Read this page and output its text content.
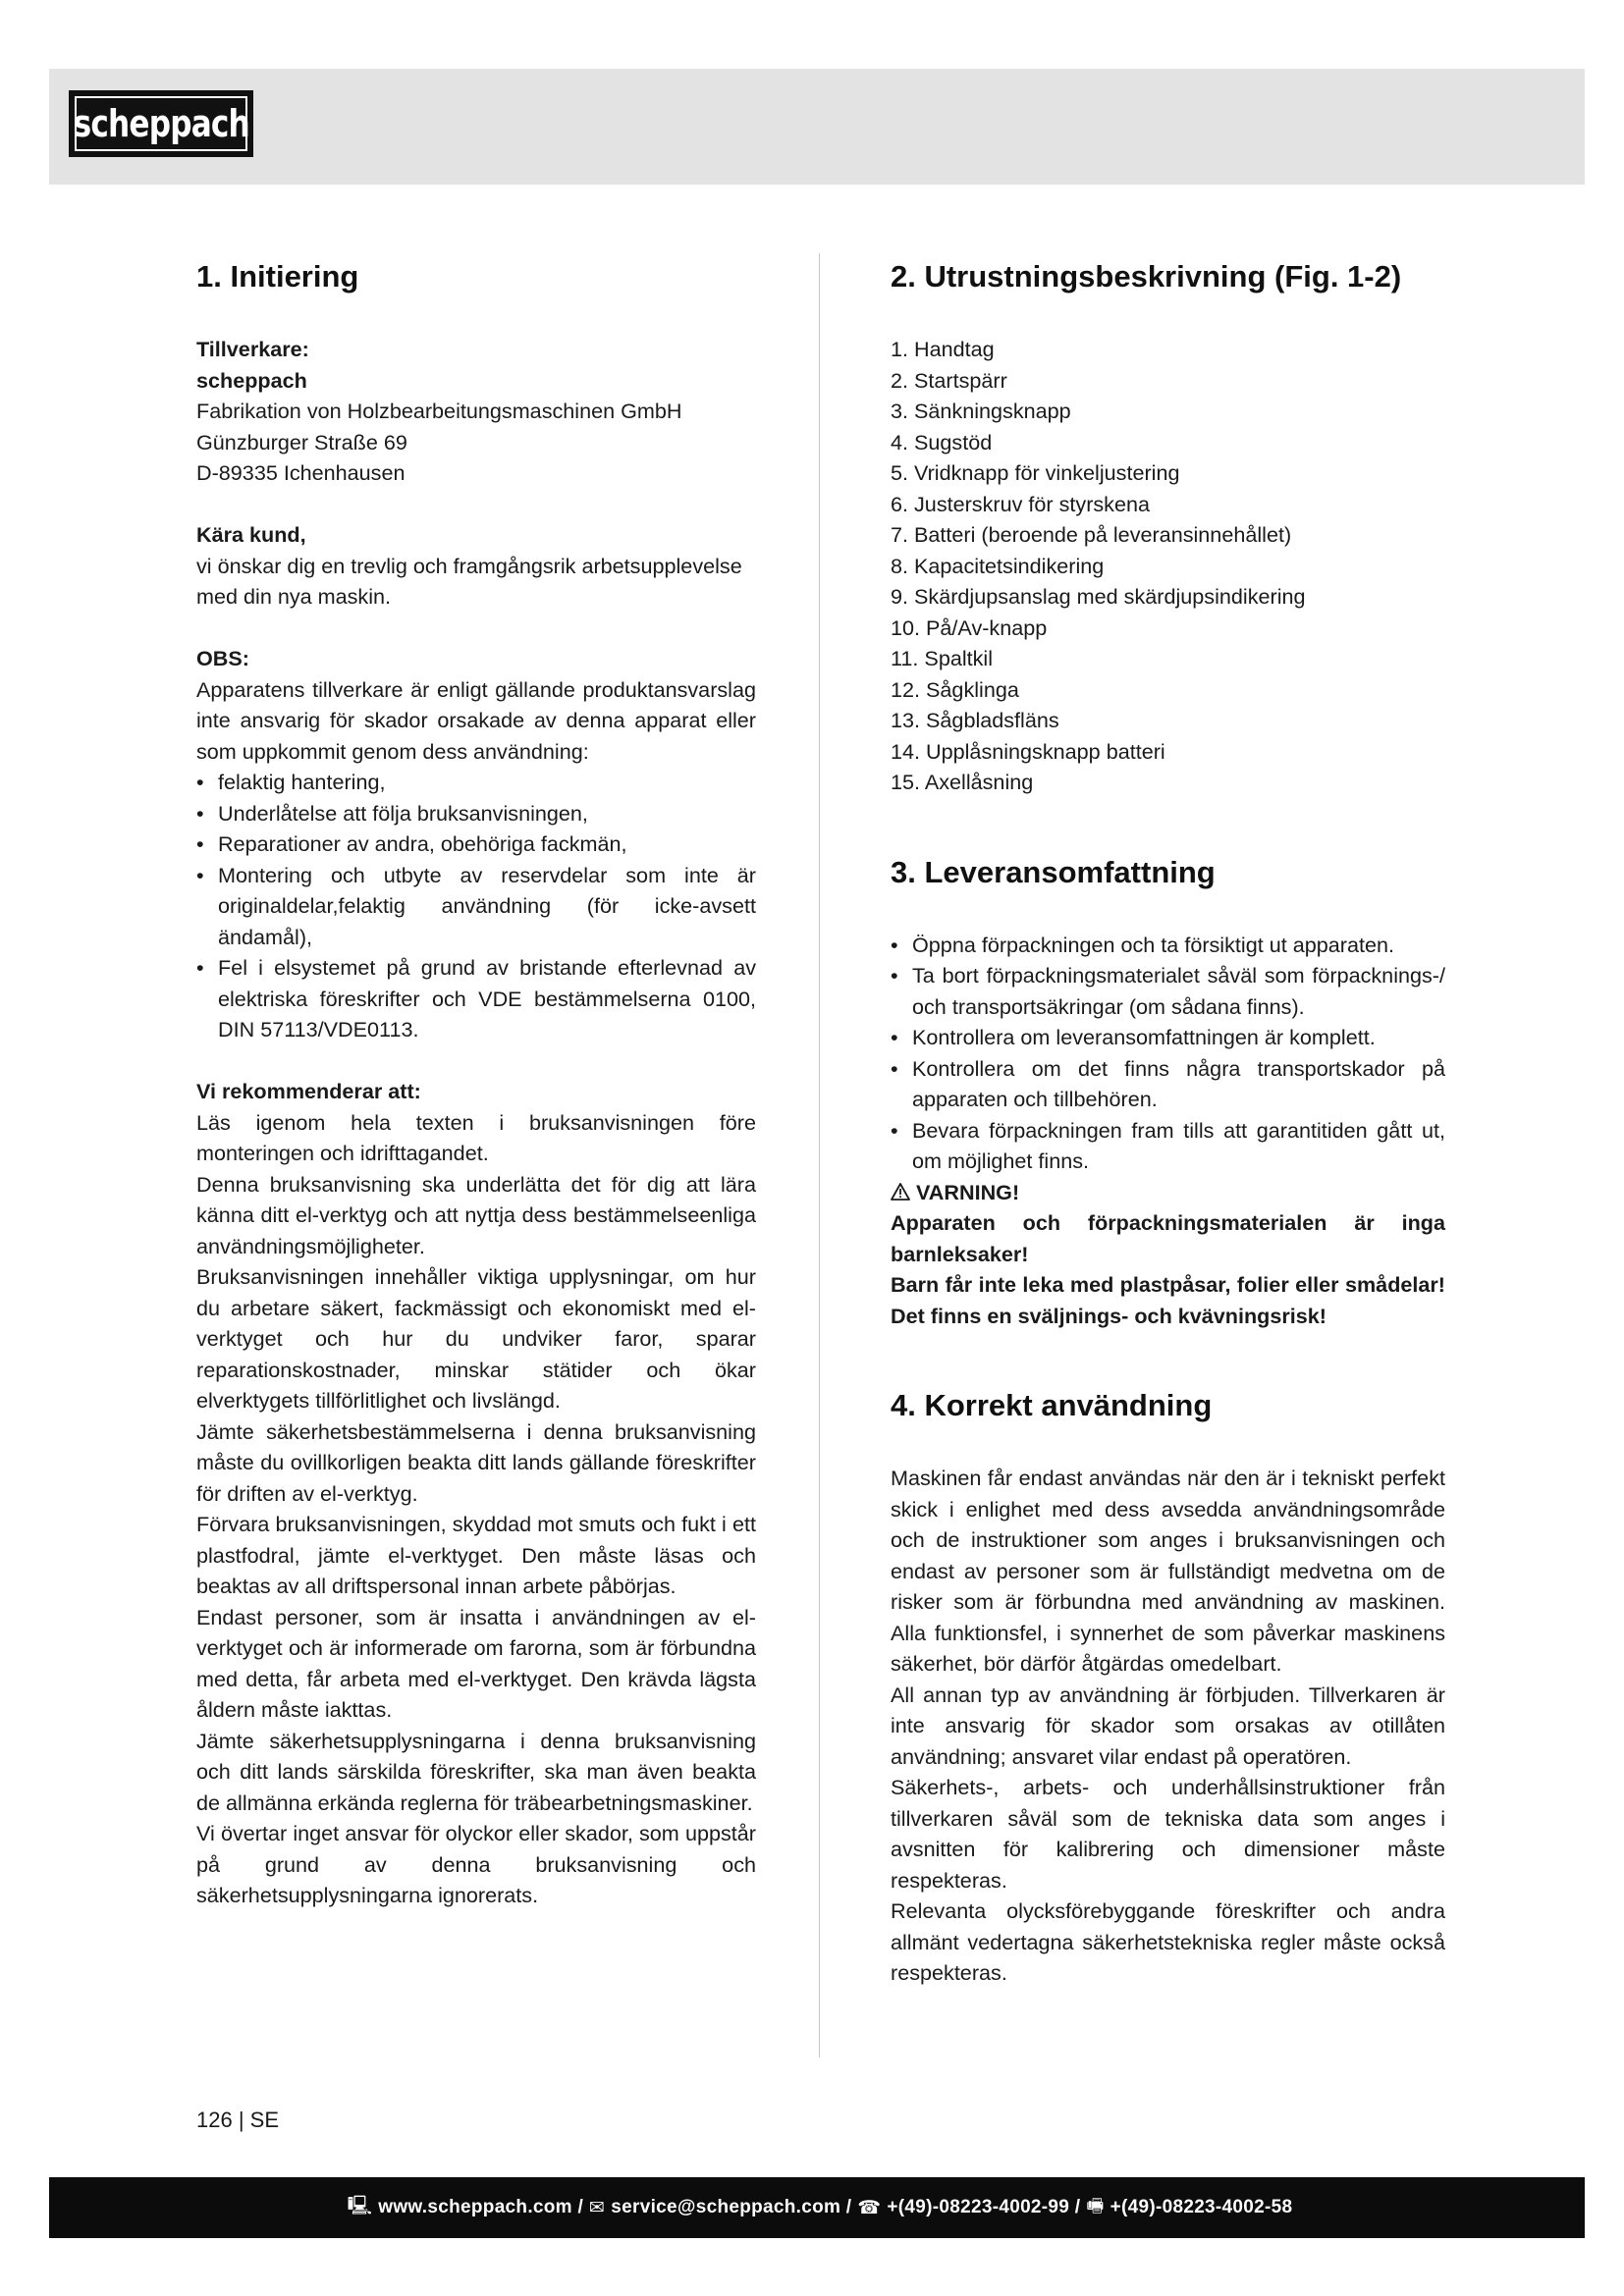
scheppach
1. Initiering

Tillverkare:

scheppach

Fabrikation von Holzbearbeitungsmaschinen GmbH

Günzburger Straße 69

D-89335 Ichenhausen

Kära kund,

vi önskar dig en trevlig och framgångsrik arbetsupplevelse med din nya maskin.

OBS:

Apparatens tillverkare är enligt gällande produktansvarslag inte ansvarig för skador orsakade av denna apparat eller som uppkommit genom dess användning:

• felaktig hantering,
• Underlåtelse att följa bruksanvisningen,
• Reparationer av andra, obehöriga fackmän,
• Montering och utbyte av reservdelar som inte är originaldelar,felaktig användning (för icke-avsett ändamål),
• Fel i elsystemet på grund av bristande efterlevnad av elektriska föreskrifter och VDE bestämmelserna 0100, DIN 57113/VDE0113.

Vi rekommenderar att:

Läs igenom hela texten i bruksanvisningen före monteringen och idrifttagandet.

Denna bruksanvisning ska underlätta det för dig att lära känna ditt el-verktyg och att nyttja dess bestämmelseenliga användningsmöjligheter.

Bruksanvisningen innehåller viktiga upplysningar, om hur du arbetare säkert, fackmässigt och ekonomiskt med el-verktyget och hur du undviker faror, sparar reparationskostnader, minskar stätider och ökar elverktygets tillförlitlighet och livslängd.

Jämte säkerhetsbestämmelserna i denna bruksanvisning måste du ovillkorligen beakta ditt lands gällande föreskrifter för driften av el-verktyg.

Förvara bruksanvisningen, skyddad mot smuts och fukt i ett plastfodral, jämte el-verktyget. Den måste läsas och beaktas av all driftspersonal innan arbete påbörjas.

Endast personer, som är insatta i användningen av el-verktyget och är informerade om farorna, som är förbundna med detta, får arbeta med el-verktyget. Den krävda lägsta åldern måste iakttas.

Jämte säkerhetsupplysningarna i denna bruksanvisning och ditt lands särskilda föreskrifter, ska man även beakta de allmänna erkända reglerna för träbearbetningsmaskiner.

Vi övertar inget ansvar för olyckor eller skador, som uppstår på grund av denna bruksanvisning och säkerhetsupplysningarna ignorerats.

2. Utrustningsbeskrivning (Fig. 1-2)
1. Handtag
2. Startspärr
3. Sänkningsknapp
4. Sugstöd
5. Vridknapp för vinkeljustering
6. Justerskruv för styrskena
7. Batteri (beroende på leveransinnehållet)
8. Kapacitetsindikering
9. Skärdjupsanslag med skärdjupsindikering
10. På/Av-knapp
11. Spaltkil
12. Sågklinga
13. Sågbladsfläns
14. Upplåsningsknapp batteri
15. Axellåsning
3. Leveransomfattning
• Öppna förpackningen och ta försiktigt ut apparaten.
• Ta bort förpackningsmaterialet såväl som förpacknings-/ och transportsäkringar (om sådana finns).
• Kontrollera om leveransomfattningen är komplett.
• Kontrollera om det finns några transportskador på apparaten och tillbehören.
• Bevara förpackningen fram tills att garantitiden gått ut, om möjlighet finns.
VARNING!

Apparaten och förpackningsmaterialen är inga barnleksaker!

Barn får inte leka med plastpåsar, folier eller smådelar! Det finns en sväljnings- och kvävningsrisk!

4. Korrekt användning

Maskinen får endast användas när den är i tekniskt perfekt skick i enlighet med dess avsedda användningsområde och de instruktioner som anges i bruksanvisningen och endast av personer som är fullständigt medvetna om de risker som är förbundna med användning av maskinen. Alla funktionsfel, i synnerhet de som påverkar maskinens säkerhet, bör därför åtgärdas omedelbart.

All annan typ av användning är förbjuden. Tillverkaren är inte ansvarig för skador som orsakas av otillåten användning; ansvaret vilar endast på operatören.

Säkerhets-, arbets- och underhållsinstruktioner från tillverkaren såväl som de tekniska data som anges i avsnitten för kalibrering och dimensioner måste respekteras.

Relevanta olycksförebyggande föreskrifter och andra allmänt vedertagna säkerhetstekniska regler måste också respekteras.

126 | SE
🖳 www.scheppach.com / ✉ service@scheppach.com / ☎ +(49)-08223-4002-99 / 🖷 +(49)-08223-4002-58
